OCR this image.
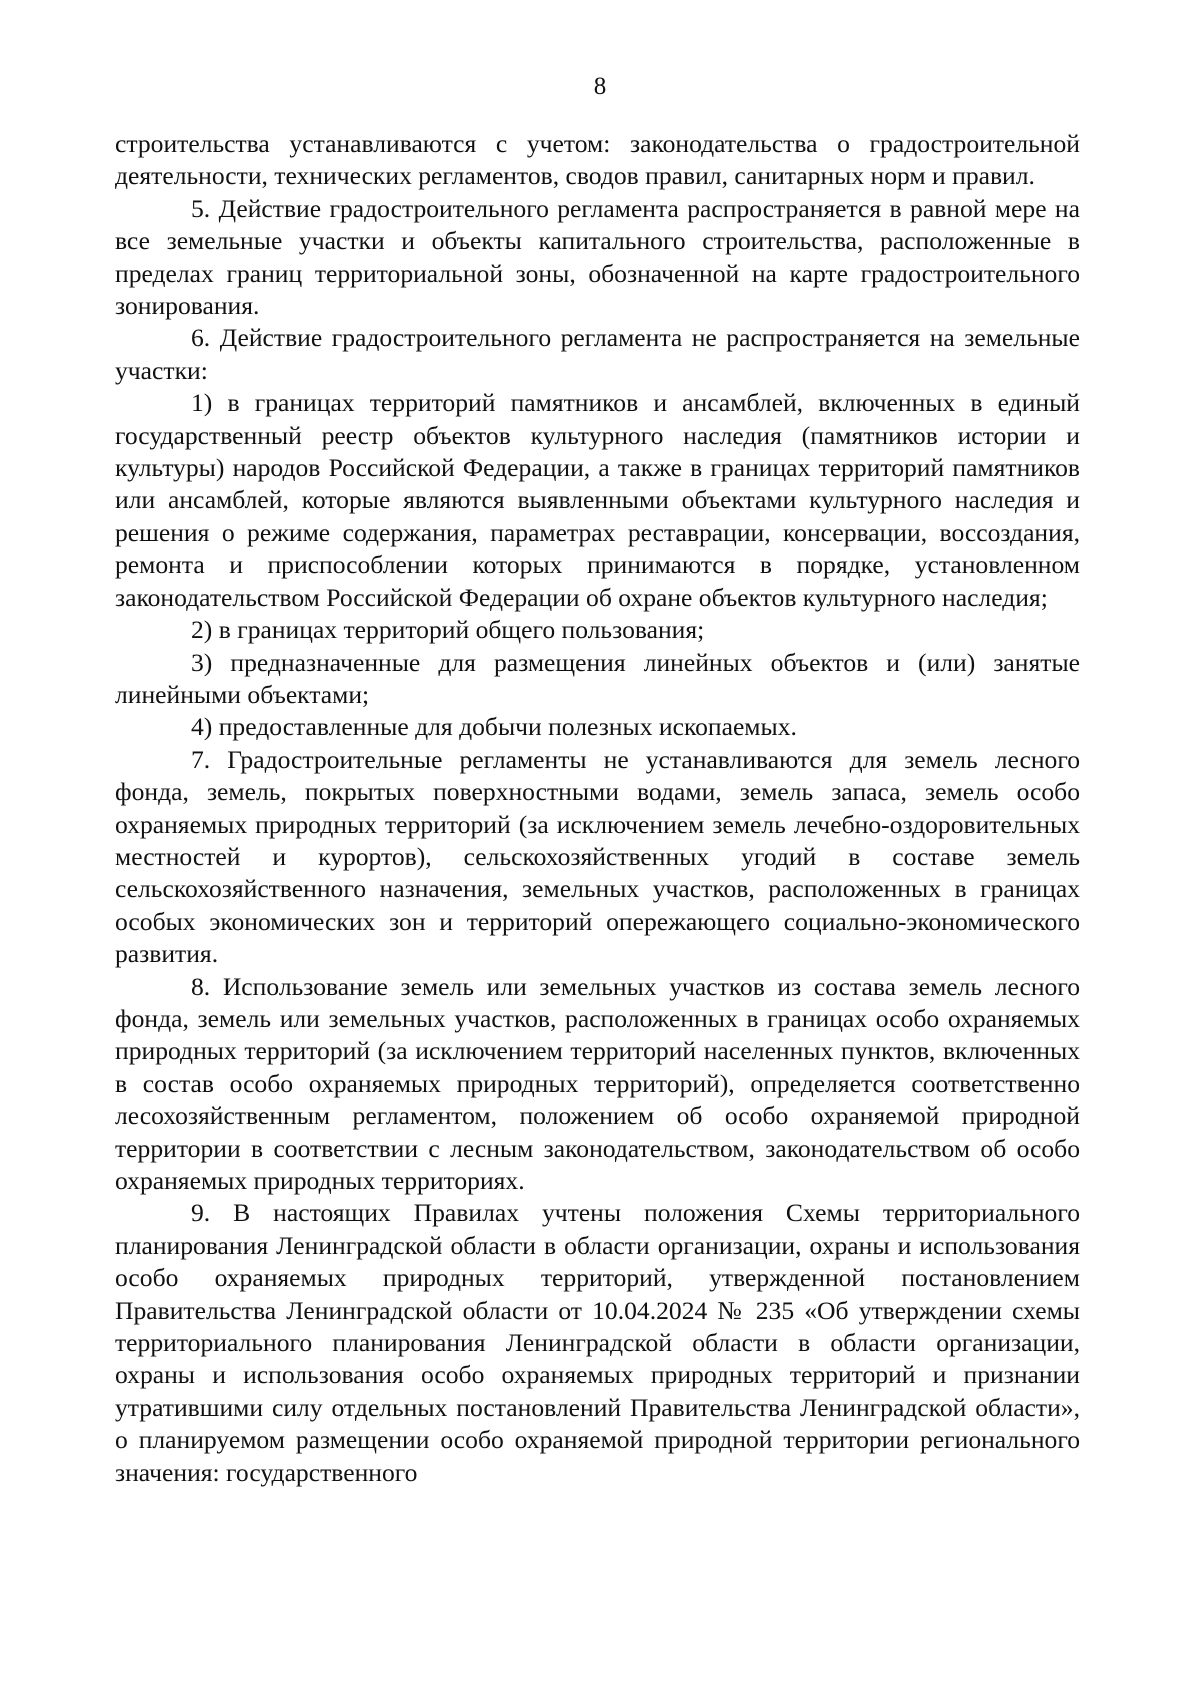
8

строительства устанавливаются с учетом: законодательства о градостроительной деятельности, технических регламентов, сводов правил, санитарных норм и правил.

5. Действие градостроительного регламента распространяется в равной мере на все земельные участки и объекты капитального строительства, расположенные в пределах границ территориальной зоны, обозначенной на карте градостроительного зонирования.

6. Действие градостроительного регламента не распространяется на земельные участки:

1) в границах территорий памятников и ансамблей, включенных в единый государственный реестр объектов культурного наследия (памятников истории и культуры) народов Российской Федерации, а также в границах территорий памятников или ансамблей, которые являются выявленными объектами культурного наследия и решения о режиме содержания, параметрах реставрации, консервации, воссоздания, ремонта и приспособлении которых принимаются в порядке, установленном законодательством Российской Федерации об охране объектов культурного наследия;

2) в границах территорий общего пользования;

3) предназначенные для размещения линейных объектов и (или) занятые линейными объектами;

4) предоставленные для добычи полезных ископаемых.

7. Градостроительные регламенты не устанавливаются для земель лесного фонда, земель, покрытых поверхностными водами, земель запаса, земель особо охраняемых природных территорий (за исключением земель лечебно-оздоровительных местностей и курортов), сельскохозяйственных угодий в составе земель сельскохозяйственного назначения, земельных участков, расположенных в границах особых экономических зон и территорий опережающего социально-экономического развития.

8. Использование земель или земельных участков из состава земель лесного фонда, земель или земельных участков, расположенных в границах особо охраняемых природных территорий (за исключением территорий населенных пунктов, включенных в состав особо охраняемых природных территорий), определяется соответственно лесохозяйственным регламентом, положением об особо охраняемой природной территории в соответствии с лесным законодательством, законодательством об особо охраняемых природных территориях.

9. В настоящих Правилах учтены положения Схемы территориального планирования Ленинградской области в области организации, охраны и использования особо охраняемых природных территорий, утвержденной постановлением Правительства Ленинградской области от 10.04.2024 № 235 «Об утверждении схемы территориального планирования Ленинградской области в области организации, охраны и использования особо охраняемых природных территорий и признании утратившими силу отдельных постановлений Правительства Ленинградской области», о планируемом размещении особо охраняемой природной территории регионального значения: государственного
